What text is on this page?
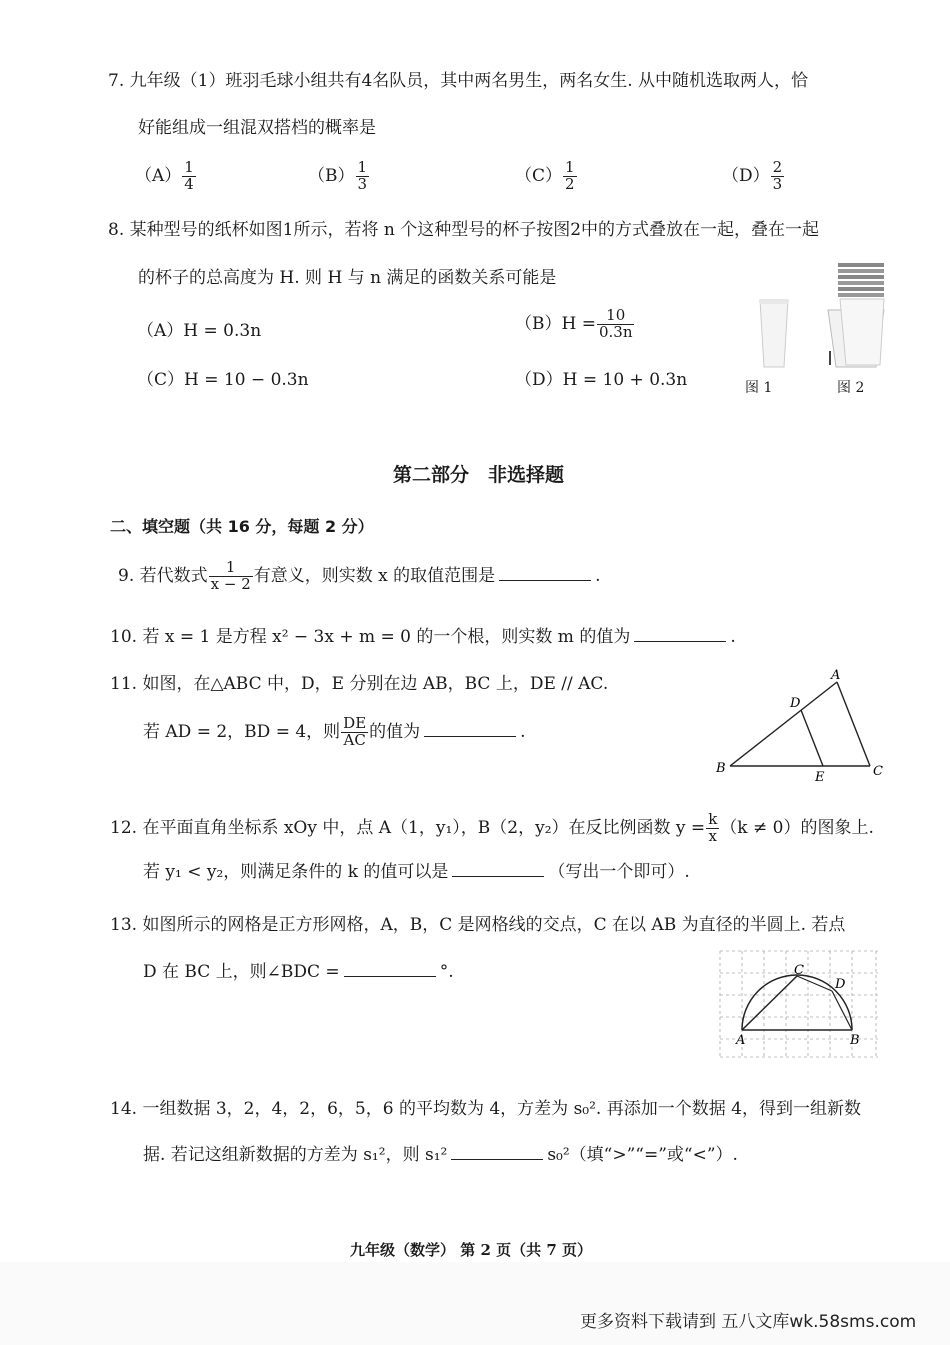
7. 九年级（1）班羽毛球小组共有4名队员，其中两名男生，两名女生. 从中随机选取两人，恰
好能组成一组混双搭档的概率是
$(A) \frac{1}{4}$	$(B) \frac{1}{3}$	$(C) \frac{1}{2}$	$(D) \frac{2}{3}$
8. 某种型号的纸杯如图1所示，若将 n 个这种型号的杯子按图2中的方式叠放在一起，叠在一起
的杯子的总高度为 H. 则 H 与 n 满足的函数关系可能是
（A）H = 0.3n	$(B)H = \frac{10}{0.3n}$
（C）H = 10 − 0.3n	（D）H = 10 + 0.3n	图 1	图 2
第二部分　非选择题
二、填空题（共 16 分，每题 2 分）
9. 若代数式 $\frac{1}{x - 2}$ 有意义，则实数 x 的取值范围是	.
10. 若 x = 1 是方程 x² − 3x + m = 0 的一个根，则实数 m 的值为	.
11. 如图，在△ABC 中，D，E 分别在边 AB，BC 上，DE // AC.
若 AD = 2，BD = 4，则 $\frac{DE}{AC}$ 的值为	.
A
D
B
E	C
12. 在平面直角坐标系 xOy 中，点 A（1，y₁），B（2，y₂）在反比例函数 $y = \frac{k}{x} (k \ne 0)$的图象上.
若 y₁ < y₂，则满足条件的 k 的值可以是	（写出一个即可）.
13. 如图所示的网格是正方形网格，A，B，C 是网格线的交点，C 在以 AB 为直径的半圆上. 若点
D 在 BC 上，则∠BDC =	°.	C
D
A	B
14. 一组数据 3，2，4，2，6，5，6 的平均数为 4，方差为 s₀². 再添加一个数据 4，得到一组新数
据. 若记这组新数据的方差为 s₁²，则 s₁²	s₀²（填“>”“=”或“<”）.
九年级（数学） 第 2 页（共 7 页）
更多资料下载请到 五八文库wk.58sms.com
